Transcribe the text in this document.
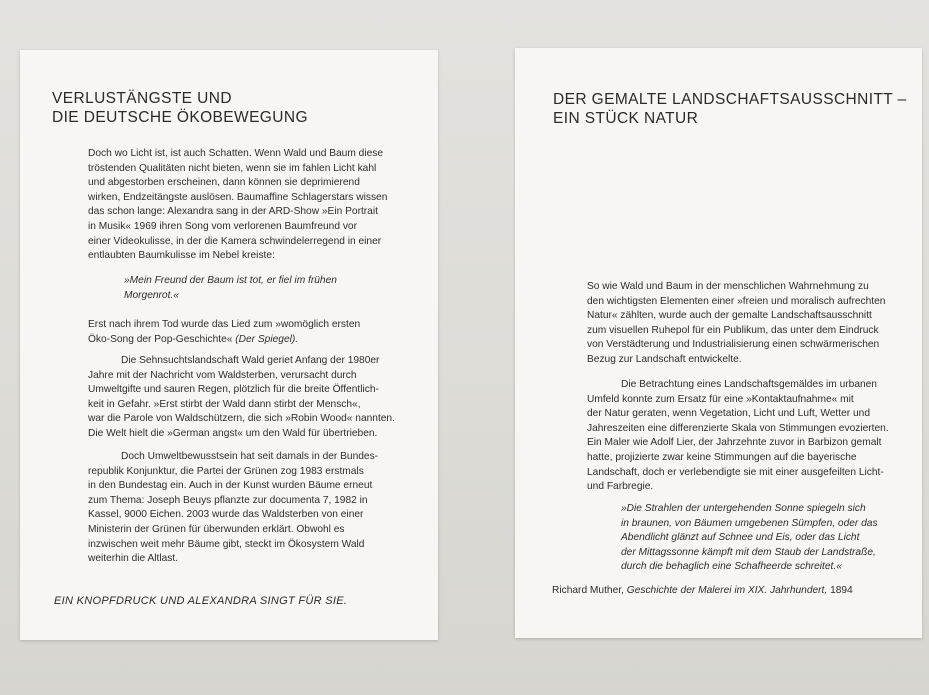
VERLUSTÄNGSTE UND
DIE DEUTSCHE ÖKOBEWEGUNG

Doch wo Licht ist, ist auch Schatten. Wenn Wald und Baum diese
tröstenden Qualitäten nicht bieten, wenn sie im fahlen Licht kahl
und abgestorben erscheinen, dann können sie deprimierend
wirken, Endzeitängste auslösen. Baumaffine Schlagerstars wissen
das schon lange: Alexandra sang in der ARD-Show »Ein Portrait
in Musik« 1969 ihren Song vom verlorenen Baumfreund vor
einer Videokulisse, in der die Kamera schwindelerregend in einer
entlaubten Baumkulisse im Nebel kreiste:

»Mein Freund der Baum ist tot, er fiel im frühen
Morgenrot.«

Erst nach ihrem Tod wurde das Lied zum »womöglich ersten
Öko-Song der Pop-Geschichte« (Der Spiegel).

Die Sehnsuchtslandschaft Wald geriet Anfang der 1980er
Jahre mit der Nachricht vom Waldsterben, verursacht durch
Umweltgifte und sauren Regen, plötzlich für die breite Öffentlich-
keit in Gefahr. »Erst stirbt der Wald dann stirbt der Mensch«,
war die Parole von Waldschützern, die sich »Robin Wood« nannten.
Die Welt hielt die »German angst« um den Wald für übertrieben.

Doch Umweltbewusstsein hat seit damals in der Bundes-
republik Konjunktur, die Partei der Grünen zog 1983 erstmals
in den Bundestag ein. Auch in der Kunst wurden Bäume erneut
zum Thema: Joseph Beuys pflanzte zur documenta 7, 1982 in
Kassel, 9000 Eichen. 2003 wurde das Waldsterben von einer
Ministerin der Grünen für überwunden erklärt. Obwohl es
inzwischen weit mehr Bäume gibt, steckt im Ökosystem Wald
weiterhin die Altlast.

EIN KNOPFDRUCK UND ALEXANDRA SINGT FÜR SIE.

DER GEMALTE LANDSCHAFTSAUSSCHNITT –
EIN STÜCK NATUR

So wie Wald und Baum in der menschlichen Wahrnehmung zu
den wichtigsten Elementen einer »freien und moralisch aufrechten
Natur« zählten, wurde auch der gemalte Landschaftsausschnitt
zum visuellen Ruhepol für ein Publikum, das unter dem Eindruck
von Verstädterung und Industrialisierung einen schwärmerischen
Bezug zur Landschaft entwickelte.

Die Betrachtung eines Landschaftsgemäldes im urbanen
Umfeld konnte zum Ersatz für eine »Kontaktaufnahme« mit
der Natur geraten, wenn Vegetation, Licht und Luft, Wetter und
Jahreszeiten eine differenzierte Skala von Stimmungen evozierten.
Ein Maler wie Adolf Lier, der Jahrzehnte zuvor in Barbizon gemalt
hatte, projizierte zwar keine Stimmungen auf die bayerische
Landschaft, doch er verlebendigte sie mit einer ausgefeilten Licht-
und Farbregie.

»Die Strahlen der untergehenden Sonne spiegeln sich
in braunen, von Bäumen umgebenen Sümpfen, oder das
Abendlicht glänzt auf Schnee und Eis, oder das Licht
der Mittagssonne kämpft mit dem Staub der Landstraße,
durch die behaglich eine Schafheerde schreitet.«

Richard Muther, Geschichte der Malerei im XIX. Jahrhundert, 1894
